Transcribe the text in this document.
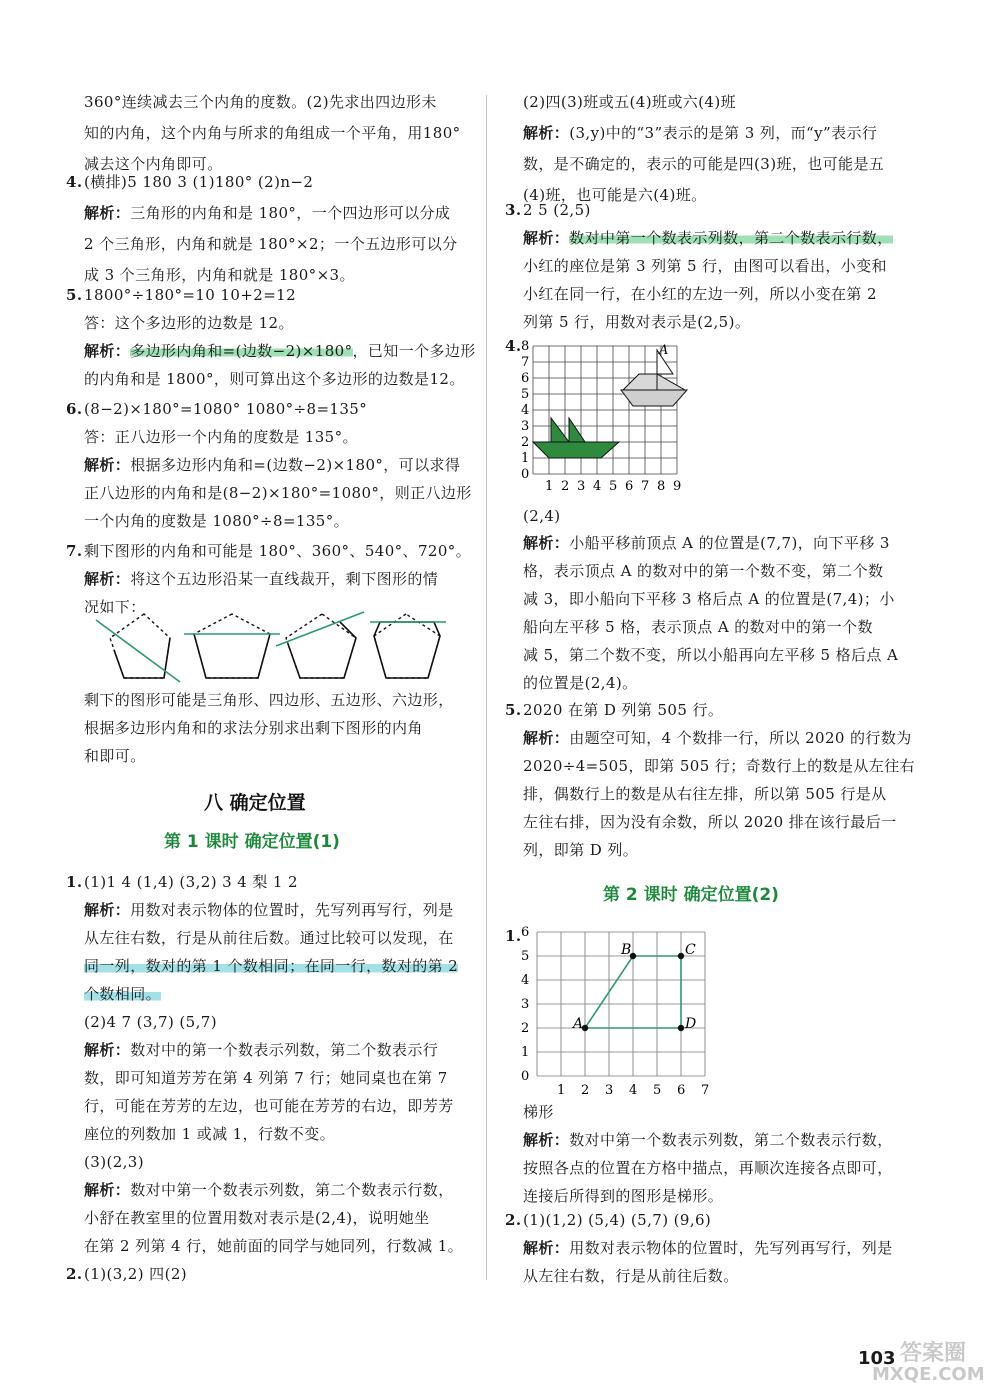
360°连续减去三个内角的度数。(2)先求出四边形未
知的内角，这个内角与所求的角组成一个平角，用180°
减去这个内角即可。
4. (横排)5 180 3 (1)180° (2)n−2
解析：三角形的内角和是 180°，一个四边形可以分成
2 个三角形，内角和就是 180°×2；一个五边形可以分
成 3 个三角形，内角和就是 180°×3。
5. 1800°÷180°=10 10+2=12
答：这个多边形的边数是 12。
解析：多边形内角和=(边数−2)×180°，已知一个多边形
的内角和是 1800°，则可算出这个多边形的边数是12。
6. (8−2)×180°=1080° 1080°÷8=135°
答：正八边形一个内角的度数是 135°。
解析：根据多边形内角和=(边数−2)×180°，可以求得
正八边形的内角和是(8−2)×180°=1080°，则正八边形
一个内角的度数是 1080°÷8=135°。
7. 剩下图形的内角和可能是 180°、360°、540°、720°。
解析：将这个五边形沿某一直线裁开，剩下图形的情
况如下：
剩下的图形可能是三角形、四边形、五边形、六边形，
根据多边形内角和的求法分别求出剩下图形的内角
和即可。
八 确定位置
第 1 课时 确定位置(1)
1. (1)1 4 (1,4) (3,2) 3 4 梨 1 2
解析：用数对表示物体的位置时，先写列再写行，列是
从左往右数，行是从前往后数。通过比较可以发现，在
同一列，数对的第 1 个数相同；在同一行，数对的第 2
个数相同。
(2)4 7 (3,7) (5,7)
解析：数对中的第一个数表示列数，第二个数表示行
数，即可知道芳芳在第 4 列第 7 行；她同桌也在第 7
行，可能在芳芳的左边，也可能在芳芳的右边，即芳芳
座位的列数加 1 或减 1，行数不变。
(3)(2,3)
解析：数对中第一个数表示列数，第二个数表示行数，
小舒在教室里的位置用数对表示是(2,4)，说明她坐
在第 2 列第 4 行，她前面的同学与她同列，行数减 1。
2. (1)(3,2) 四(2)
(2)四(3)班或五(4)班或六(4)班
解析：(3,y)中的“3”表示的是第 3 列，而“y”表示行
数，是不确定的，表示的可能是四(3)班，也可能是五
(4)班，也可能是六(4)班。
3. 2 5 (2,5)
解析：数对中第一个数表示列数，第二个数表示行数，
小红的座位是第 3 列第 5 行，由图可以看出，小变和
小红在同一行，在小红的左边一列，所以小变在第 2
列第 5 行，用数对表示是(2,5)。
4.	A
1 2 3 4 5 6 7 8 9
0
1
2
3
4
5
6
7
8
(2,4)
解析：小船平移前顶点 A 的位置是(7,7)，向下平移 3
格，表示顶点 A 的数对中的第一个数不变，第二个数
减 3，即小船向下平移 3 格后点 A 的位置是(7,4)；小
船向左平移 5 格，表示顶点 A 的数对中的第一个数
减 5，第二个数不变，所以小船再向左平移 5 格后点 A
的位置是(2,4)。
5. 2020 在第 D 列第 505 行。
解析：由题空可知，4 个数排一行，所以 2020 的行数为
2020÷4=505，即第 505 行；奇数行上的数是从左往右
排，偶数行上的数是从右往左排，所以第 505 行是从
左往右排，因为没有余数，所以 2020 排在该行最后一
列，即第 D 列。
第 2 课时 确定位置(2)
1.
A
B	C
D
1 2 3 4 5 6 7
0
1
2
3
4
5
6
梯形
解析：数对中第一个数表示列数，第二个数表示行数，
按照各点的位置在方格中描点，再顺次连接各点即可，
连接后所得到的图形是梯形。
2. (1)(1,2) (5,4) (5,7) (9,6)
解析：用数对表示物体的位置时，先写列再写行，列是
从左往右数，行是从前往后数。
103 答案圈
MXQE.COM
